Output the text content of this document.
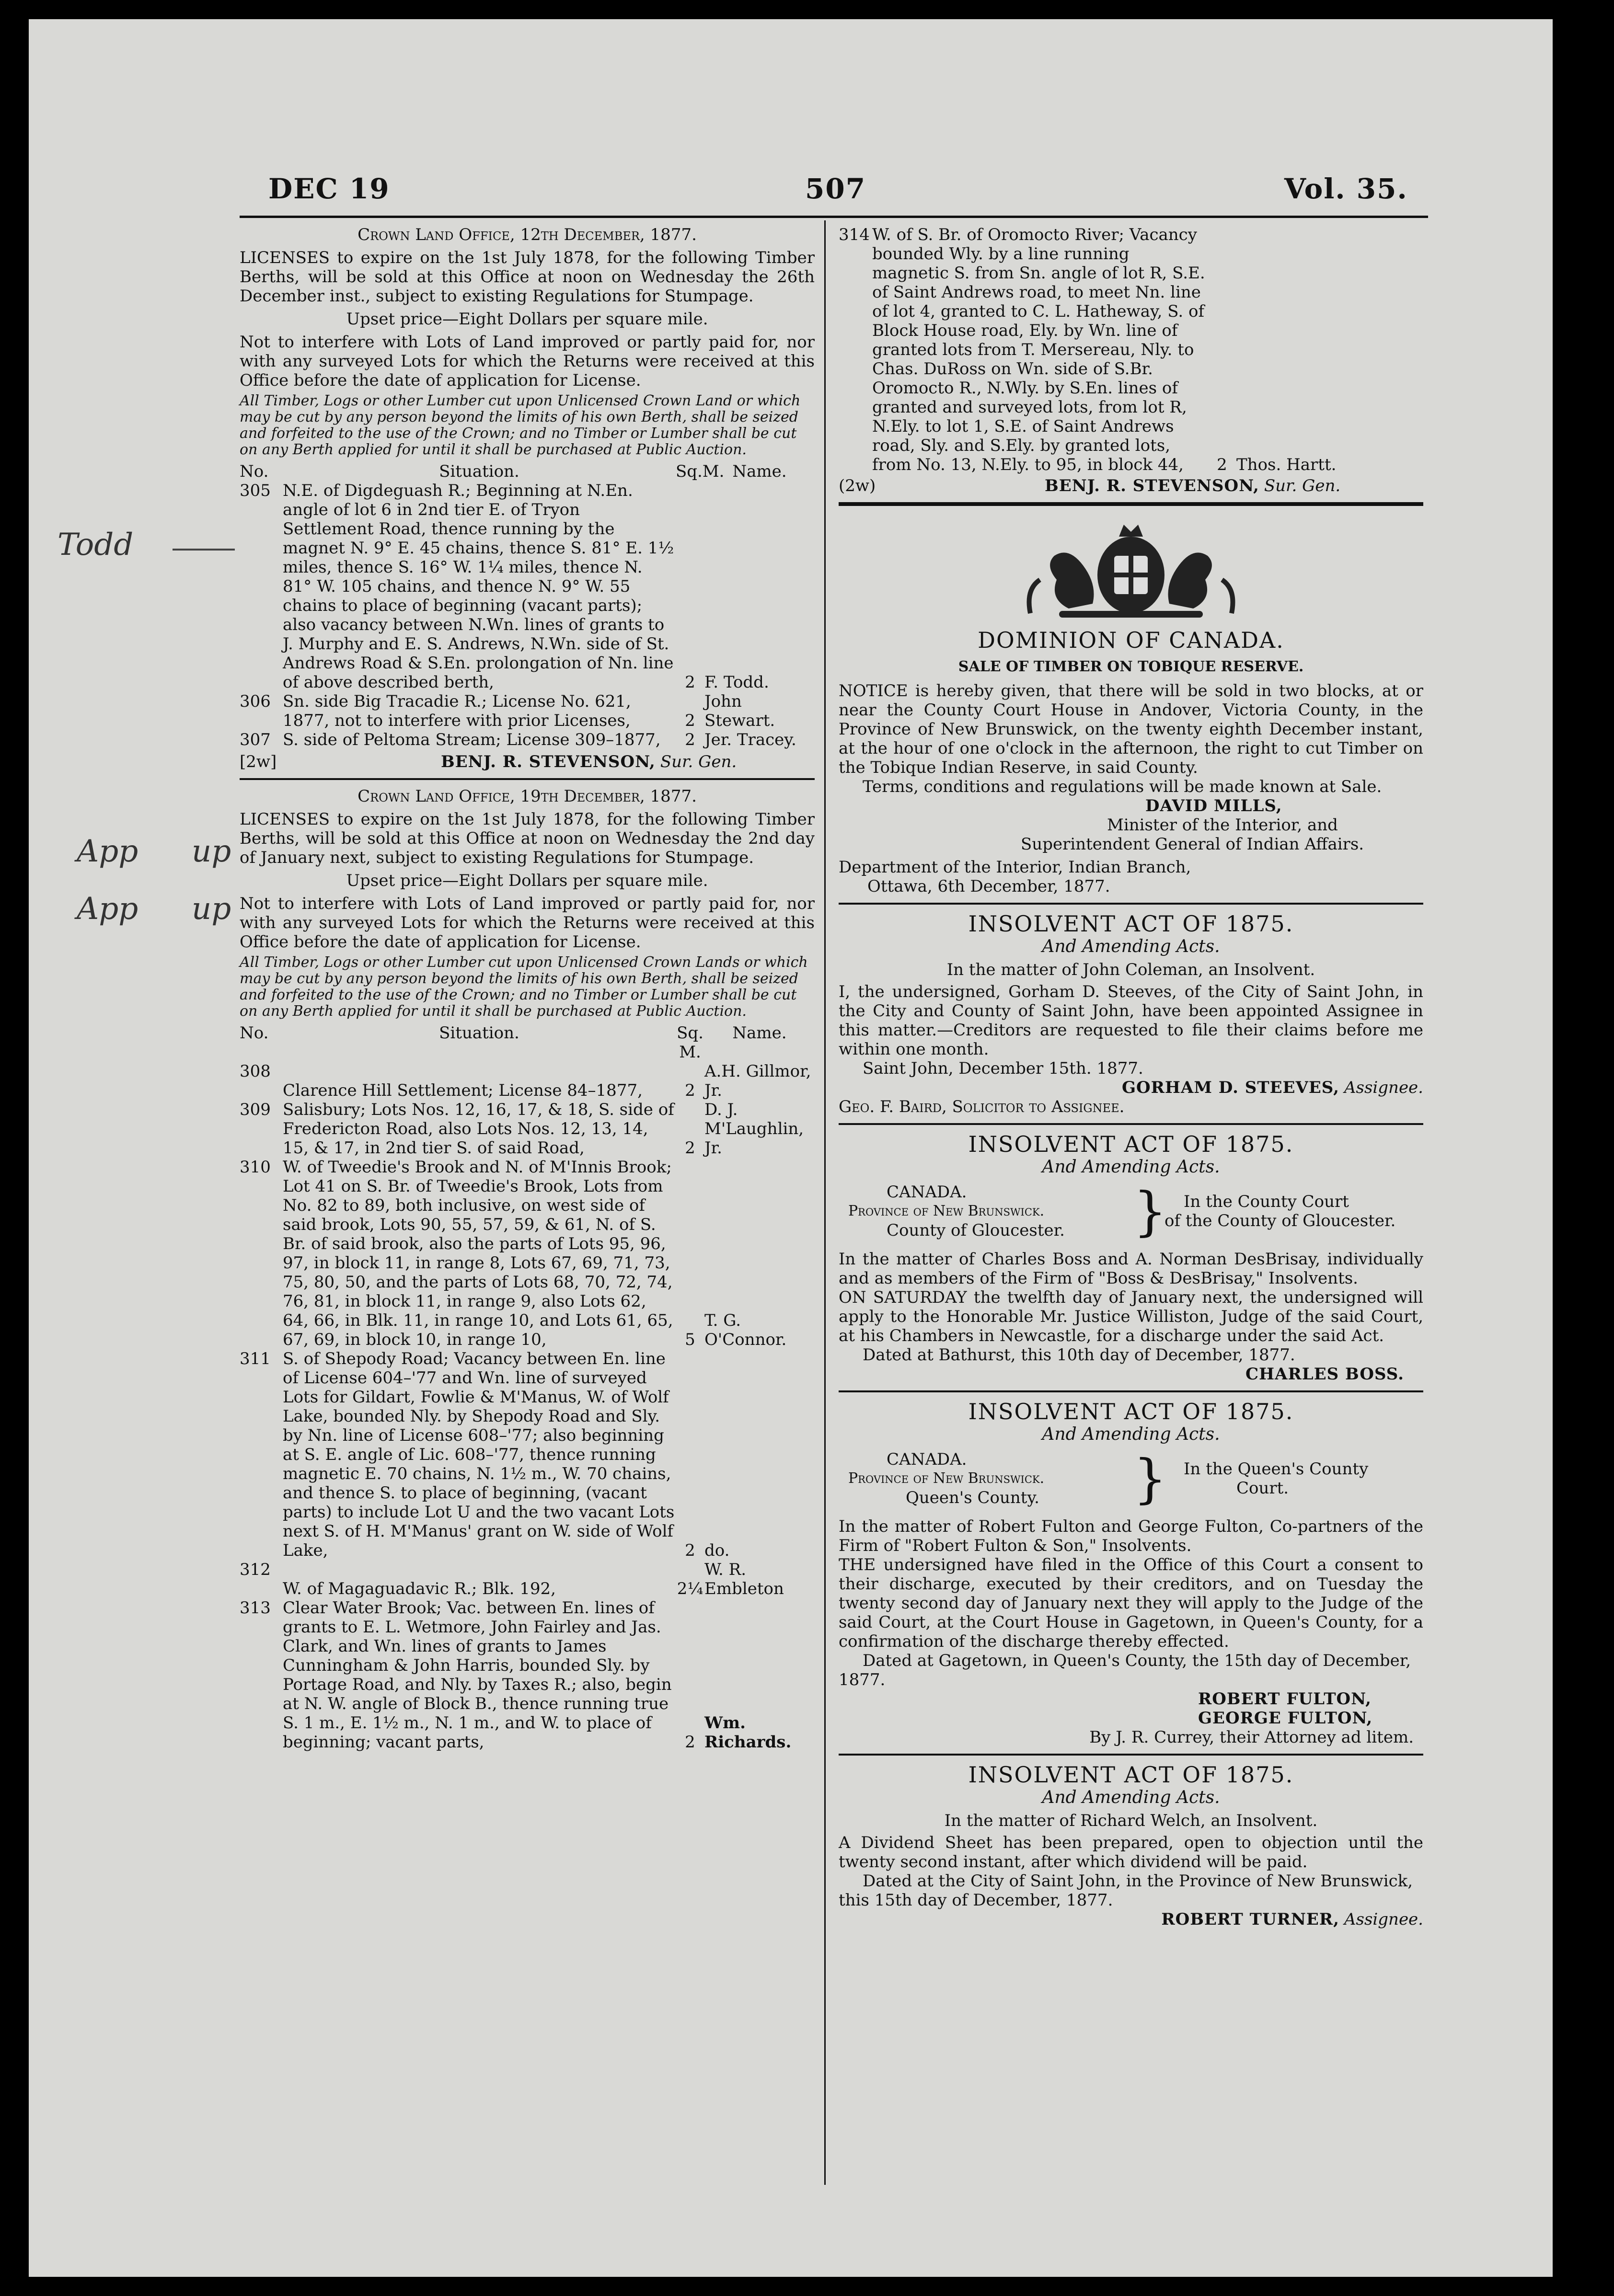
DEC 19	507	Vol. 35.
Todd
App up
App up

Crown Land Office, 12th December, 1877.

LICENSES to expire on the 1st July 1878, for the following Timber Berths, will be sold at this Office at noon on Wednesday the 26th December inst., subject to existing Regulations for Stumpage.

Upset price—Eight Dollars per square mile.

Not to interfere with Lots of Land improved or partly paid for, nor with any surveyed Lots for which the Returns were received at this Office before the date of application for License.

All Timber, Logs or other Lumber cut upon Unlicensed Crown Land or which may be cut by any person beyond the limits of his own Berth, shall be seized and forfeited to the use of the Crown; and no Timber or Lumber shall be cut on any Berth applied for until it shall be purchased at Public Auction.

No.	Situation.	Sq.M. Name.
305 N.E. of Digdeguash R.; Beginning at N.En. angle of lot 6 in 2nd tier E. of Tryon Settlement Road, thence running by the magnet N. 9° E. 45 chains, thence S. 81° E. 1½ miles, thence S. 16° W. 1¼ miles, thence N. 81° W. 105 chains, and thence N. 9° W. 55 chains to place of beginning (vacant parts); also vacancy between N.Wn. lines of grants to J. Murphy and E. S. Andrews, N.Wn. side of St. Andrews Road & S.En. prolongation of Nn. line of above described berth,	2 F. Todd.
306 Sn. side Big Tracadie R.; License No. 621, 1877, not to interfere with prior Licenses,	2
John Stewart.
307 S. side of Peltoma Stream; License 309–1877,	2 Jer. Tracey.
[2w]	BENJ. R. STEVENSON, Sur. Gen.

Crown Land Office, 19th December, 1877.

LICENSES to expire on the 1st July 1878, for the following Timber Berths, will be sold at this Office at noon on Wednesday the 2nd day of January next, subject to existing Regulations for Stumpage.

Upset price—Eight Dollars per square mile.

Not to interfere with Lots of Land improved or partly paid for, nor with any surveyed Lots for which the Returns were received at this Office before the date of application for License.

All Timber, Logs or other Lumber cut upon Unlicensed Crown Lands or which may be cut by any person beyond the limits of his own Berth, shall be seized and forfeited to the use of the Crown; and no Timber or Lumber shall be cut on any Berth applied for until it shall be purchased at Public Auction.

No.	Situation.	Sq. M.
Name.
308
Clarence Hill Settlement; License 84–1877,	2
A.H. Gillmor, Jr.
309 Salisbury; Lots Nos. 12, 16, 17, & 18, S. side of Fredericton Road, also Lots Nos. 12, 13, 14, 15, & 17, in 2nd tier S. of said Road,	2
D. J. M'Laughlin, Jr.
310 W. of Tweedie's Brook and N. of M'Innis Brook; Lot 41 on S. Br. of Tweedie's Brook, Lots from No. 82 to 89, both inclusive, on west side of said brook, Lots 90, 55, 57, 59, & 61, N. of S. Br. of said brook, also the parts of Lots 95, 96, 97, in block 11, in range 8, Lots 67, 69, 71, 73, 75, 80, 50, and the parts of Lots 68, 70, 72, 74, 76, 81, in block 11, in range 9, also Lots 62, 64, 66, in Blk. 11, in range 10, and Lots 61, 65, 67, 69, in block 10, in range 10,	5
T. G. O'Connor.
311 S. of Shepody Road; Vacancy between En. line of License 604–'77 and Wn. line of surveyed Lots for Gildart, Fowlie & M'Manus, W. of Wolf Lake, bounded Nly. by Shepody Road and Sly. by Nn. line of License 608–'77; also beginning at S. E. angle of Lic. 608–'77, thence running magnetic E. 70 chains, N. 1½ m., W. 70 chains, and thence S. to place of beginning, (vacant parts) to include Lot U and the two vacant Lots next S. of H. M'Manus' grant on W. side of Wolf Lake,	2 do.
312
W. of Magaguadavic R.; Blk. 192,	2¼
W. R. Embleton
313 Clear Water Brook; Vac. between En. lines of grants to E. L. Wetmore, John Fairley and Jas. Clark, and Wn. lines of grants to James Cunningham & John Harris, bounded Sly. by Portage Road, and Nly. by Taxes R.; also, begin at N. W. angle of Block B., thence running true S. 1 m., E. 1½ m., N. 1 m., and W. to place of beginning; vacant parts,	2
Wm. Richards.
314 W. of S. Br. of Oromocto River; Vacancy bounded Wly. by a line running magnetic S. from Sn. angle of lot R, S.E. of Saint Andrews road, to meet Nn. line of lot 4, granted to C. L. Hatheway, S. of Block House road, Ely. by Wn. line of granted lots from T. Mersereau, Nly. to Chas. DuRoss on Wn. side of S.Br. Oromocto R., N.Wly. by S.En. lines of granted and surveyed lots, from lot R, N.Ely. to lot 1, S.E. of Saint Andrews road, Sly. and S.Ely. by granted lots, from No. 13, N.Ely. to 95, in block 44,	2 Thos. Hartt.
(2w)	BENJ. R. STEVENSON, Sur. Gen.

DOMINION OF CANADA.

SALE OF TIMBER ON TOBIQUE RESERVE.

NOTICE is hereby given, that there will be sold in two blocks, at or near the County Court House in Andover, Victoria County, in the Province of New Brunswick, on the twenty eighth December instant, at the hour of one o'clock in the afternoon, the right to cut Timber on the Tobique Indian Reserve, in said County.

Terms, conditions and regulations will be made known at Sale.

DAVID MILLS,

Minister of the Interior, and

Superintendent General of Indian Affairs.

Department of the Interior, Indian Branch,

Ottawa, 6th December, 1877.

INSOLVENT ACT OF 1875.

And Amending Acts.

In the matter of John Coleman, an Insolvent.

I, the undersigned, Gorham D. Steeves, of the City of Saint John, in the City and County of Saint John, have been appointed Assignee in this matter.—Creditors are requested to file their claims before me within one month.

Saint John, December 15th. 1877.

GORHAM D. STEEVES, Assignee.

Geo. F. Baird, Solicitor to Assignee.

INSOLVENT ACT OF 1875.

And Amending Acts.

CANADA.
Province of New Brunswick.
County of Gloucester. } In the County Court
of the County of Gloucester.

In the matter of Charles Boss and A. Norman DesBrisay, individually and as members of the Firm of "Boss & DesBrisay," Insolvents.

ON SATURDAY the twelfth day of January next, the undersigned will apply to the Honorable Mr. Justice Williston, Judge of the said Court, at his Chambers in Newcastle, for a discharge under the said Act.

Dated at Bathurst, this 10th day of December, 1877.

CHARLES BOSS.

INSOLVENT ACT OF 1875.

And Amending Acts.

CANADA.
Province of New Brunswick.
Queen's County. } In the Queen's County
Court.

In the matter of Robert Fulton and George Fulton, Co-partners of the Firm of "Robert Fulton & Son," Insolvents.

THE undersigned have filed in the Office of this Court a consent to their discharge, executed by their creditors, and on Tuesday the twenty second day of January next they will apply to the Judge of the said Court, at the Court House in Gagetown, in Queen's County, for a confirmation of the discharge thereby effected.

Dated at Gagetown, in Queen's County, the 15th day of December, 1877.

ROBERT FULTON,

GEORGE FULTON,

By J. R. Currey, their Attorney ad litem.

INSOLVENT ACT OF 1875.

And Amending Acts.

In the matter of Richard Welch, an Insolvent.

A Dividend Sheet has been prepared, open to objection until the twenty second instant, after which dividend will be paid.

Dated at the City of Saint John, in the Province of New Brunswick, this 15th day of December, 1877.

ROBERT TURNER, Assignee.
